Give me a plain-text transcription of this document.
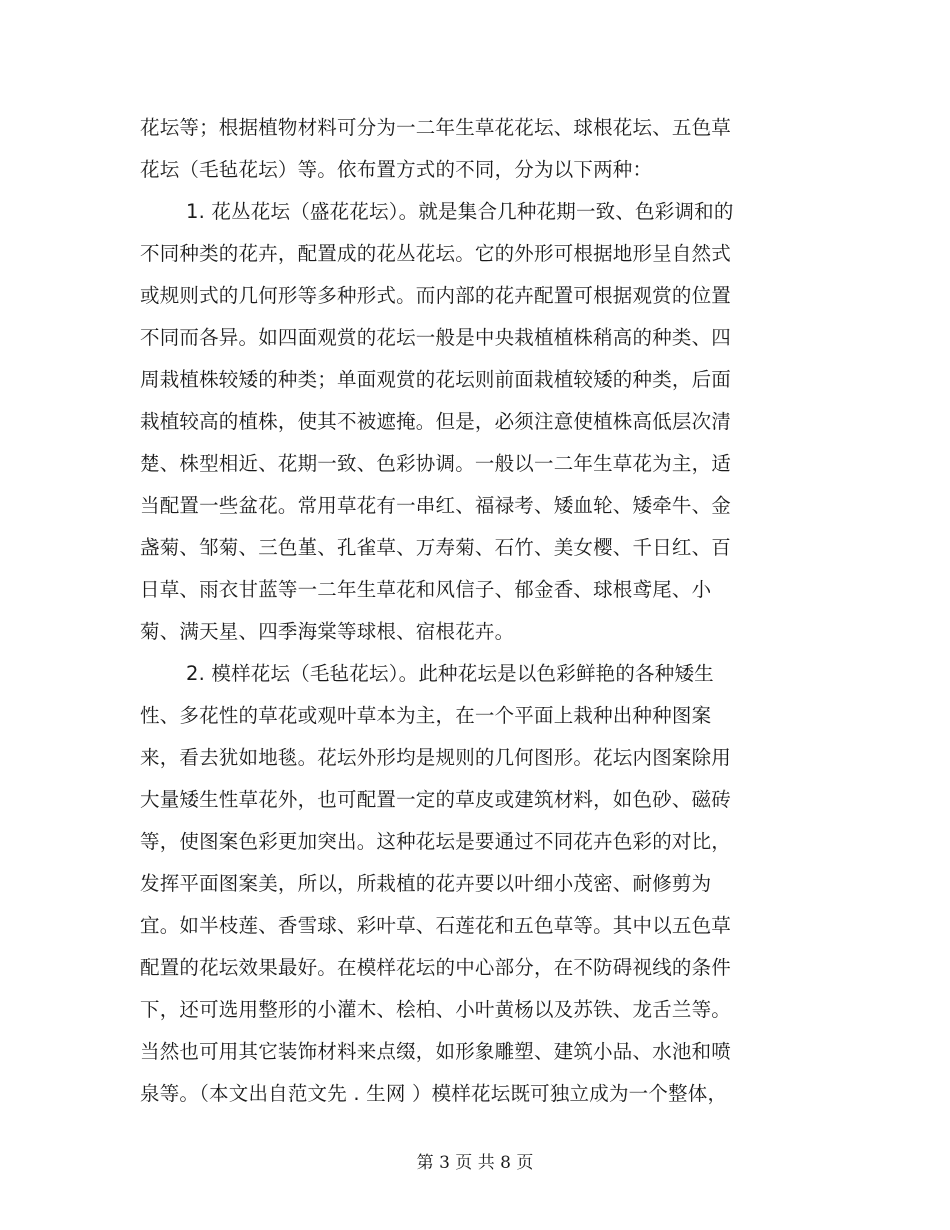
花坛等；根据植物材料可分为一二年生草花花坛、球根花坛、五色草
花坛（毛毡花坛）等。依布置方式的不同，分为以下两种：
1. 花丛花坛（盛花花坛）。就是集合几种花期一致、色彩调和的
不同种类的花卉，配置成的花丛花坛。它的外形可根据地形呈自然式
或规则式的几何形等多种形式。而内部的花卉配置可根据观赏的位置
不同而各异。如四面观赏的花坛一般是中央栽植植株稍高的种类、四
周栽植株较矮的种类；单面观赏的花坛则前面栽植较矮的种类，后面
栽植较高的植株，使其不被遮掩。但是，必须注意使植株高低层次清
楚、株型相近、花期一致、色彩协调。一般以一二年生草花为主，适
当配置一些盆花。常用草花有一串红、福禄考、矮血轮、矮牵牛、金
盏菊、邹菊、三色堇、孔雀草、万寿菊、石竹、美女樱、千日红、百
日草、雨衣甘蓝等一二年生草花和风信子、郁金香、球根鸢尾、小
菊、满天星、四季海棠等球根、宿根花卉。
2. 模样花坛（毛毡花坛）。此种花坛是以色彩鲜艳的各种矮生
性、多花性的草花或观叶草本为主，在一个平面上栽种出种种图案
来，看去犹如地毯。花坛外形均是规则的几何图形。花坛内图案除用
大量矮生性草花外，也可配置一定的草皮或建筑材料，如色砂、磁砖
等，使图案色彩更加突出。这种花坛是要通过不同花卉色彩的对比，
发挥平面图案美，所以，所栽植的花卉要以叶细小茂密、耐修剪为
宜。如半枝莲、香雪球、彩叶草、石莲花和五色草等。其中以五色草
配置的花坛效果最好。在模样花坛的中心部分，在不防碍视线的条件
下，还可选用整形的小灌木、桧柏、小叶黄杨以及苏铁、龙舌兰等。
当然也可用其它装饰材料来点缀，如形象雕塑、建筑小品、水池和喷
泉等。（本文出自范文先 . 生网 ）模样花坛既可独立成为一个整体，
第 3 页 共 8 页
